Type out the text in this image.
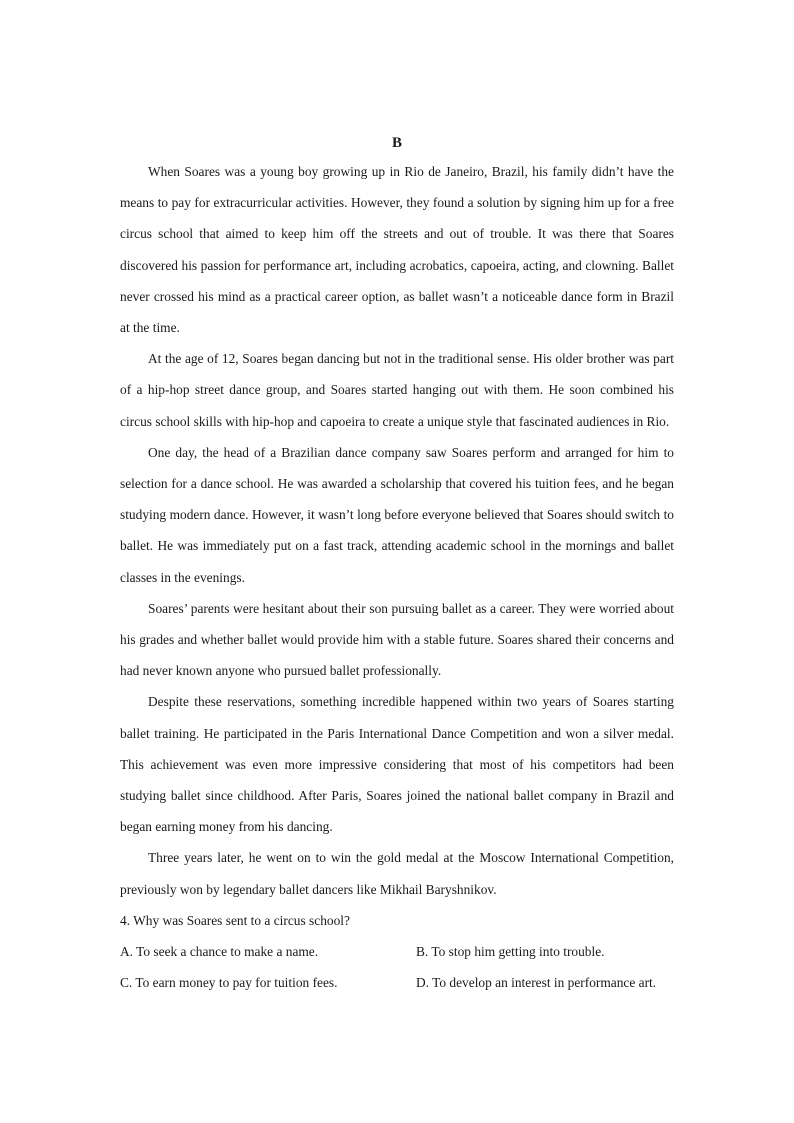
B

When Soares was a young boy growing up in Rio de Janeiro, Brazil, his family didn’t have the means to pay for extracurricular activities. However, they found a solution by signing him up for a free circus school that aimed to keep him off the streets and out of trouble. It was there that Soares discovered his passion for performance art, including acrobatics, capoeira, acting, and clowning. Ballet never crossed his mind as a practical career option, as ballet wasn’t a noticeable dance form in Brazil at the time.

At the age of 12, Soares began dancing but not in the traditional sense. His older brother was part of a hip-hop street dance group, and Soares started hanging out with them. He soon combined his circus school skills with hip-hop and capoeira to create a unique style that fascinated audiences in Rio.

One day, the head of a Brazilian dance company saw Soares perform and arranged for him to selection for a dance school. He was awarded a scholarship that covered his tuition fees, and he began studying modern dance. However, it wasn’t long before everyone believed that Soares should switch to ballet. He was immediately put on a fast track, attending academic school in the mornings and ballet classes in the evenings.

Soares’ parents were hesitant about their son pursuing ballet as a career. They were worried about his grades and whether ballet would provide him with a stable future. Soares shared their concerns and had never known anyone who pursued ballet professionally.

Despite these reservations, something incredible happened within two years of Soares starting ballet training. He participated in the Paris International Dance Competition and won a silver medal. This achievement was even more impressive considering that most of his competitors had been studying ballet since childhood. After Paris, Soares joined the national ballet company in Brazil and began earning money from his dancing.

Three years later, he went on to win the gold medal at the Moscow International Competition, previously won by legendary ballet dancers like Mikhail Baryshnikov.

4. Why was Soares sent to a circus school?

A. To seek a chance to make a name.	B. To stop him getting into trouble.
C. To earn money to pay for tuition fees.	D. To develop an interest in performance art.
